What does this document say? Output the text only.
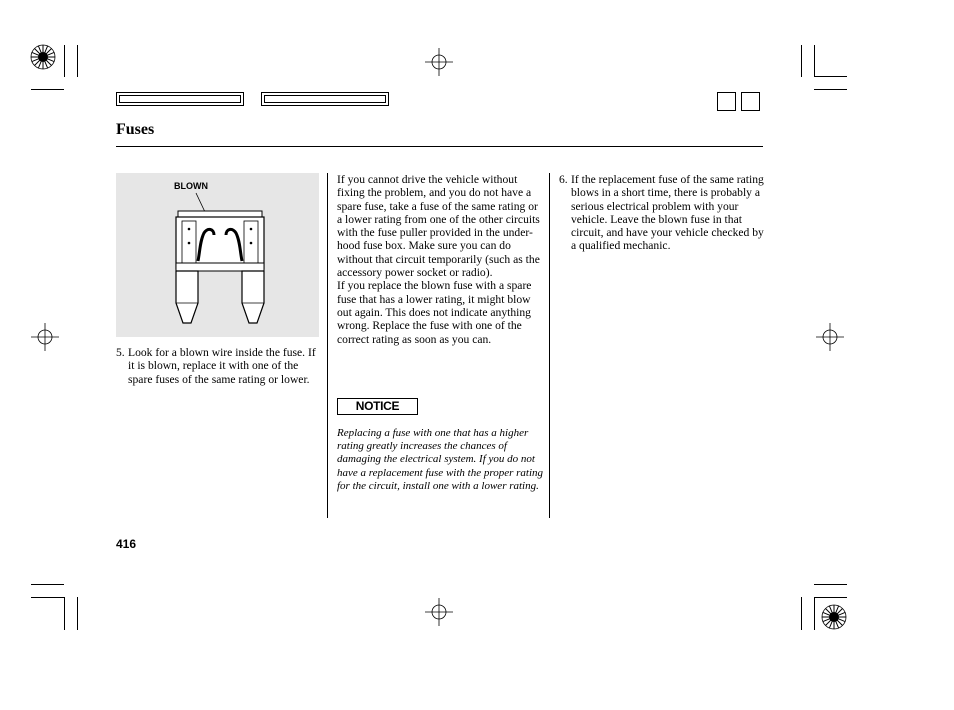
Fuses
BLOWN
5. Look for a blown wire inside the fuse. If it is blown, replace it with one of the spare fuses of the same rating or lower.

If you cannot drive the vehicle without fixing the problem, and you do not have a spare fuse, take a fuse of the same rating or a lower rating from one of the other circuits with the fuse puller provided in the under-hood fuse box. Make sure you can do without that circuit temporarily (such as the accessory power socket or radio).

If you replace the blown fuse with a spare fuse that has a lower rating, it might blow out again. This does not indicate anything wrong. Replace the fuse with one of the correct rating as soon as you can.

NOTICE
Replacing a fuse with one that has a higher rating greatly increases the chances of damaging the electrical system. If you do not have a replacement fuse with the proper rating for the circuit, install one with a lower rating.
6. If the replacement fuse of the same rating blows in a short time, there is probably a serious electrical problem with your vehicle. Leave the blown fuse in that circuit, and have your vehicle checked by a qualified mechanic.
416
